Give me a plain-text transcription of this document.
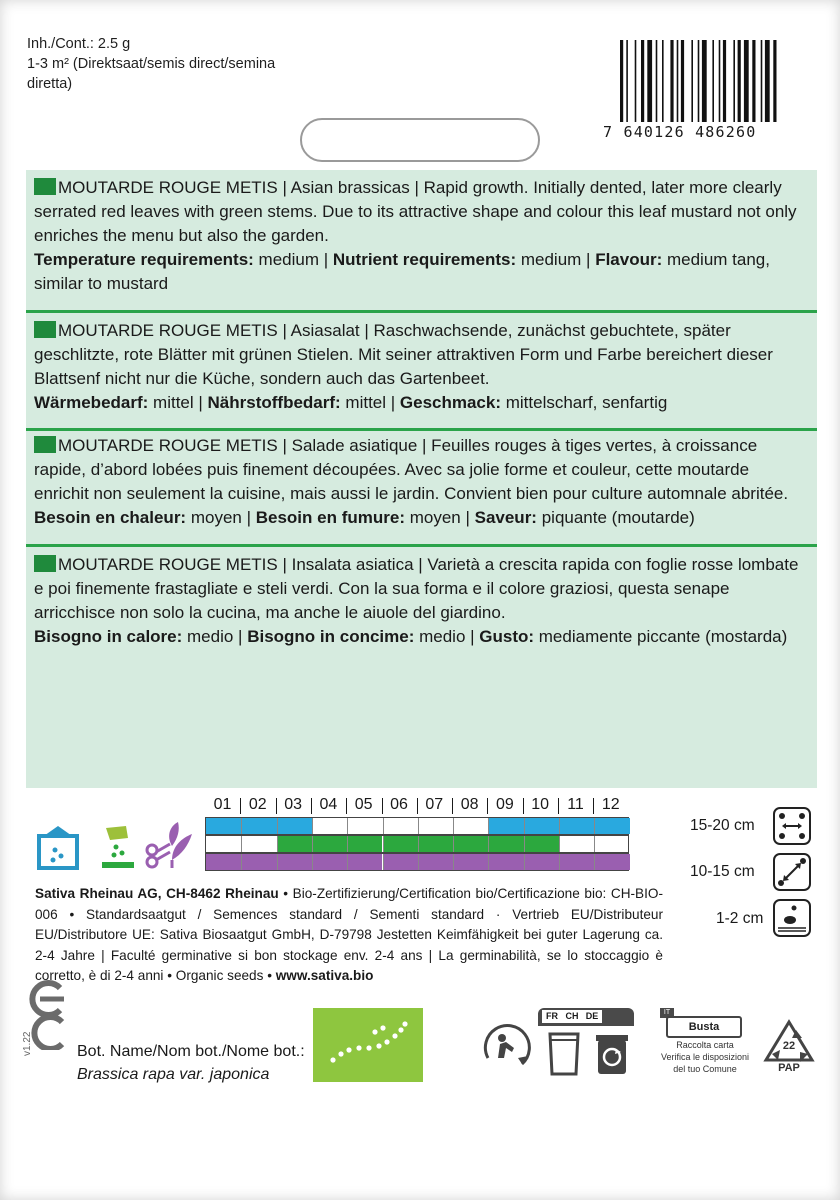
Inh./Cont.: 2.5 g
1-3 m² (Direktsaat/semis direct/semina
diretta)
7 640126 486260
MOUTARDE ROUGE METIS | Asian brassicas | Rapid growth. Initially dented, later more clearly serrated red leaves with green stems. Due to its attractive shape and colour this leaf mustard not only enriches the menu but also the garden.
Temperature requirements: medium | Nutrient requirements: medium | Flavour: medium tang, similar to mustard
MOUTARDE ROUGE METIS | Asiasalat | Raschwachsende, zunächst gebuchtete, später geschlitzte, rote Blätter mit grünen Stielen. Mit seiner attraktiven Form und Farbe bereichert dieser Blattsenf nicht nur die Küche, sondern auch das Gartenbeet.
Wärmebedarf: mittel | Nährstoffbedarf: mittel | Geschmack: mittelscharf, senfartig
MOUTARDE ROUGE METIS | Salade asiatique | Feuilles rouges à tiges vertes, à croissance rapide, d’abord lobées puis finement découpées. Avec sa jolie forme et couleur, cette moutarde enrichit non seulement la cuisine, mais aussi le jardin. Convient bien pour culture automnale abritée.
Besoin en chaleur: moyen | Besoin en fumure: moyen | Saveur: piquante (moutarde)
MOUTARDE ROUGE METIS | Insalata asiatica | Varietà a crescita rapida con foglie rosse lombate e poi finemente frastagliate e steli verdi. Con la sua forma e il colore graziosi, questa senape arricchisce non solo la cucina, ma anche le aiuole del giardino.
Bisogno in calore: medio | Bisogno in concime: medio | Gusto: mediamente piccante (mostarda)
01	02	03	04	05	06	07	08	09	10	11	12
15-20 cm
10-15 cm
1-2 cm
Sativa Rheinau AG, CH-8462 Rheinau • Bio-Zertifizierung/Certification bio/Certificazione bio: CH-BIO-006 • Standardsaatgut / Semences standard / Sementi standard · Vertrieb EU/Distributeur EU/Distributore UE: Sativa Biosaatgut GmbH, D-79798 Jestetten Keimfähigkeit bei guter Lagerung ca. 2-4 Jahre | Faculté germinative si bon stockage env. 2-4 ans | La germinabilità, se lo stoccaggio è corretto, è di 2-4 anni • Organic seeds • www.sativa.bio
v1.22	Bot. Name/Nom bot./Nome bot.:
Brassica rapa var. japonica
FR CH DE	IT
Busta
Raccolta carta
Verifica le disposizioni
del tuo Comune
22
PAP
